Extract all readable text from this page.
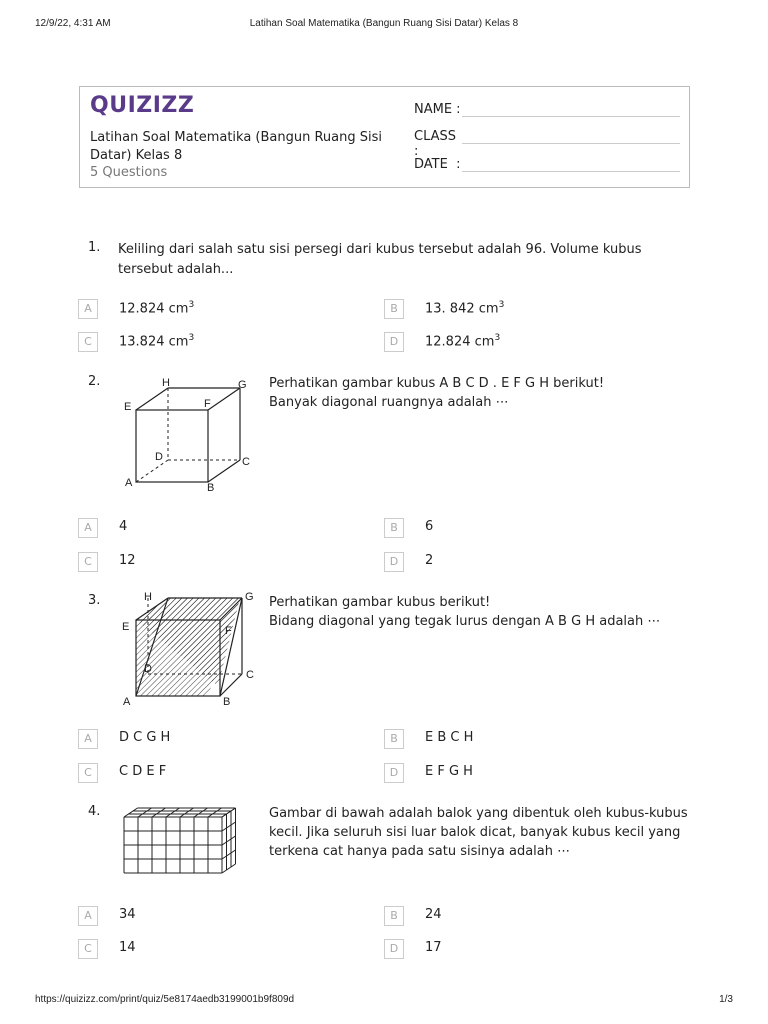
12/9/22, 4:31 AM	Latihan Soal Matematika (Bangun Ruang Sisi Datar) Kelas 8
QUIZIZZ
Latihan Soal Matematika (Bangun Ruang Sisi Datar) Kelas 8
5 Questions
NAME :
CLASS :
DATE  :
1. Keliling dari salah satu sisi persegi dari kubus tersebut adalah 96. Volume kubus tersebut adalah...
A	12.824 $cm^3$	B	13. 842 $cm^3$
C	13.824 $cm^3$	D	12.824 $cm^3$
2.	Perhatikan gambar kubus A B C D . E F G H berikut!
Banyak diagonal ruangnya adalah ⋯
H	G
E	F
D	C
A	B
A	4	B	6
C	12	D	2
3.	Perhatikan gambar kubus berikut!
Bidang diagonal yang tegak lurus dengan A B G H adalah ⋯
H	G
E	F
D	C
A	B
A	D C G H	B	E B C H
C	C D E F	D	E F G H
4.	Gambar di bawah adalah balok yang dibentuk oleh kubus-kubus
kecil. Jika seluruh sisi luar balok dicat, banyak kubus kecil yang
terkena cat hanya pada satu sisinya adalah ⋯
A	34	B	24
C	14	D	17
https://quizizz.com/print/quiz/5e8174aedb3199001b9f809d	1/3
